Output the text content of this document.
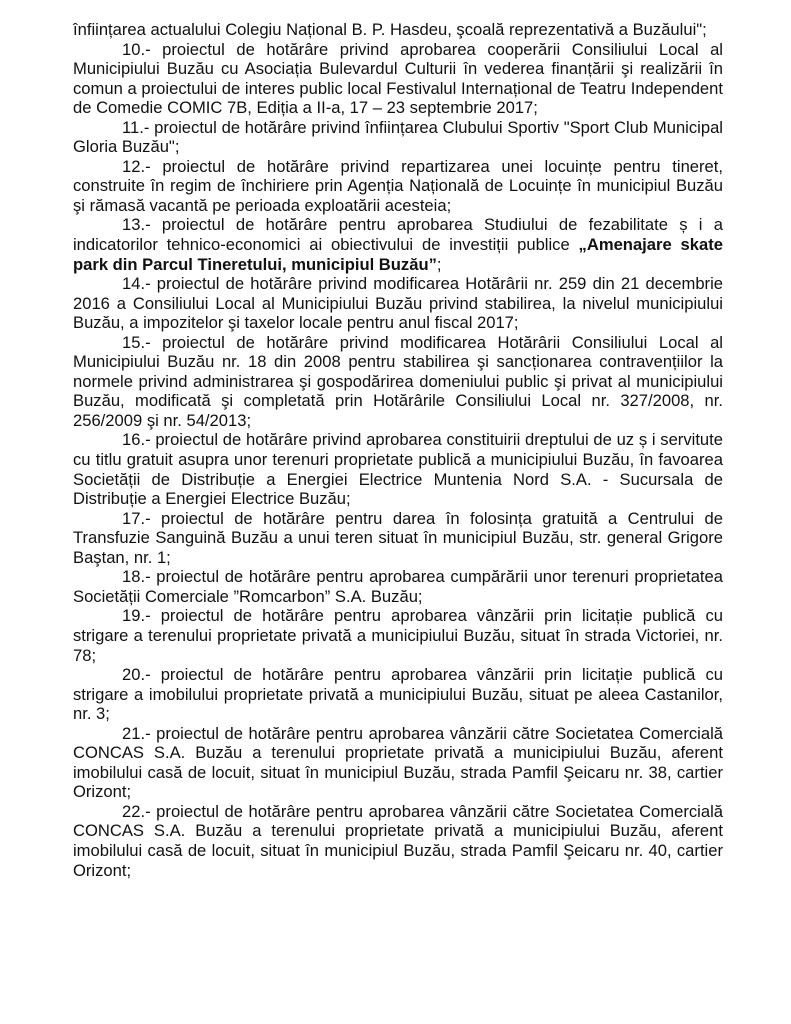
înființarea actualului Colegiu Național B. P. Hasdeu, şcoală reprezentativă a Buzăului";

10.- proiectul de hotărâre privind aprobarea cooperării Consiliului Local al Municipiului Buzău cu Asociația Bulevardul Culturii în vederea finanțării şi realizării în comun a proiectului de interes public local Festivalul Internațional de Teatru Independent de Comedie COMIC 7B, Ediția a II-a, 17 – 23 septembrie 2017;

11.- proiectul de hotărâre privind înființarea Clubului Sportiv "Sport Club Municipal Gloria Buzău";

12.- proiectul de hotărâre privind repartizarea unei locuințe pentru tineret, construite în regim de închiriere prin Agenția Națională de Locuințe în municipiul Buzău şi rămasă vacantă pe perioada exploatării acesteia;

13.- proiectul de hotărâre pentru aprobarea Studiului de fezabilitate ș i a indicatorilor tehnico-economici ai obiectivului de investiții publice „Amenajare skate park din Parcul Tineretului, municipiul Buzău”;

14.- proiectul de hotărâre privind modificarea Hotărârii nr. 259 din 21 decembrie 2016 a Consiliului Local al Municipiului Buzău privind stabilirea, la nivelul municipiului Buzău, a impozitelor şi taxelor locale pentru anul fiscal 2017;

15.- proiectul de hotărâre privind modificarea Hotărârii Consiliului Local al Municipiului Buzău nr. 18 din 2008 pentru stabilirea şi sancționarea contravențiilor la normele privind administrarea şi gospodărirea domeniului public şi privat al municipiului Buzău, modificată şi completată prin Hotărârile Consiliului Local nr. 327/2008, nr. 256/2009 şi nr. 54/2013;

16.- proiectul de hotărâre privind aprobarea constituirii dreptului de uz ș i servitute cu titlu gratuit asupra unor terenuri proprietate publică a municipiului Buzău, în favoarea Societății de Distribuție a Energiei Electrice Muntenia Nord S.A. - Sucursala de Distribuție a Energiei Electrice Buzău;

17.- proiectul de hotărâre pentru darea în folosința gratuită a Centrului de Transfuzie Sanguină Buzău a unui teren situat în municipiul Buzău, str. general Grigore Baştan, nr. 1;

18.- proiectul de hotărâre pentru aprobarea cumpărării unor terenuri proprietatea Societății Comerciale ”Romcarbon” S.A. Buzău;

19.- proiectul de hotărâre pentru aprobarea vânzării prin licitație publică cu strigare a terenului proprietate privată a municipiului Buzău, situat în strada Victoriei, nr. 78;

20.- proiectul de hotărâre pentru aprobarea vânzării prin licitație publică cu strigare a imobilului proprietate privată a municipiului Buzău, situat pe aleea Castanilor, nr. 3;

21.- proiectul de hotărâre pentru aprobarea vânzării către Societatea Comercială CONCAS S.A. Buzău a terenului proprietate privată a municipiului Buzău, aferent imobilului casă de locuit, situat în municipiul Buzău, strada Pamfil Şeicaru nr. 38, cartier Orizont;

22.- proiectul de hotărâre pentru aprobarea vânzării către Societatea Comercială CONCAS S.A. Buzău a terenului proprietate privată a municipiului Buzău, aferent imobilului casă de locuit, situat în municipiul Buzău, strada Pamfil Şeicaru nr. 40, cartier Orizont;
